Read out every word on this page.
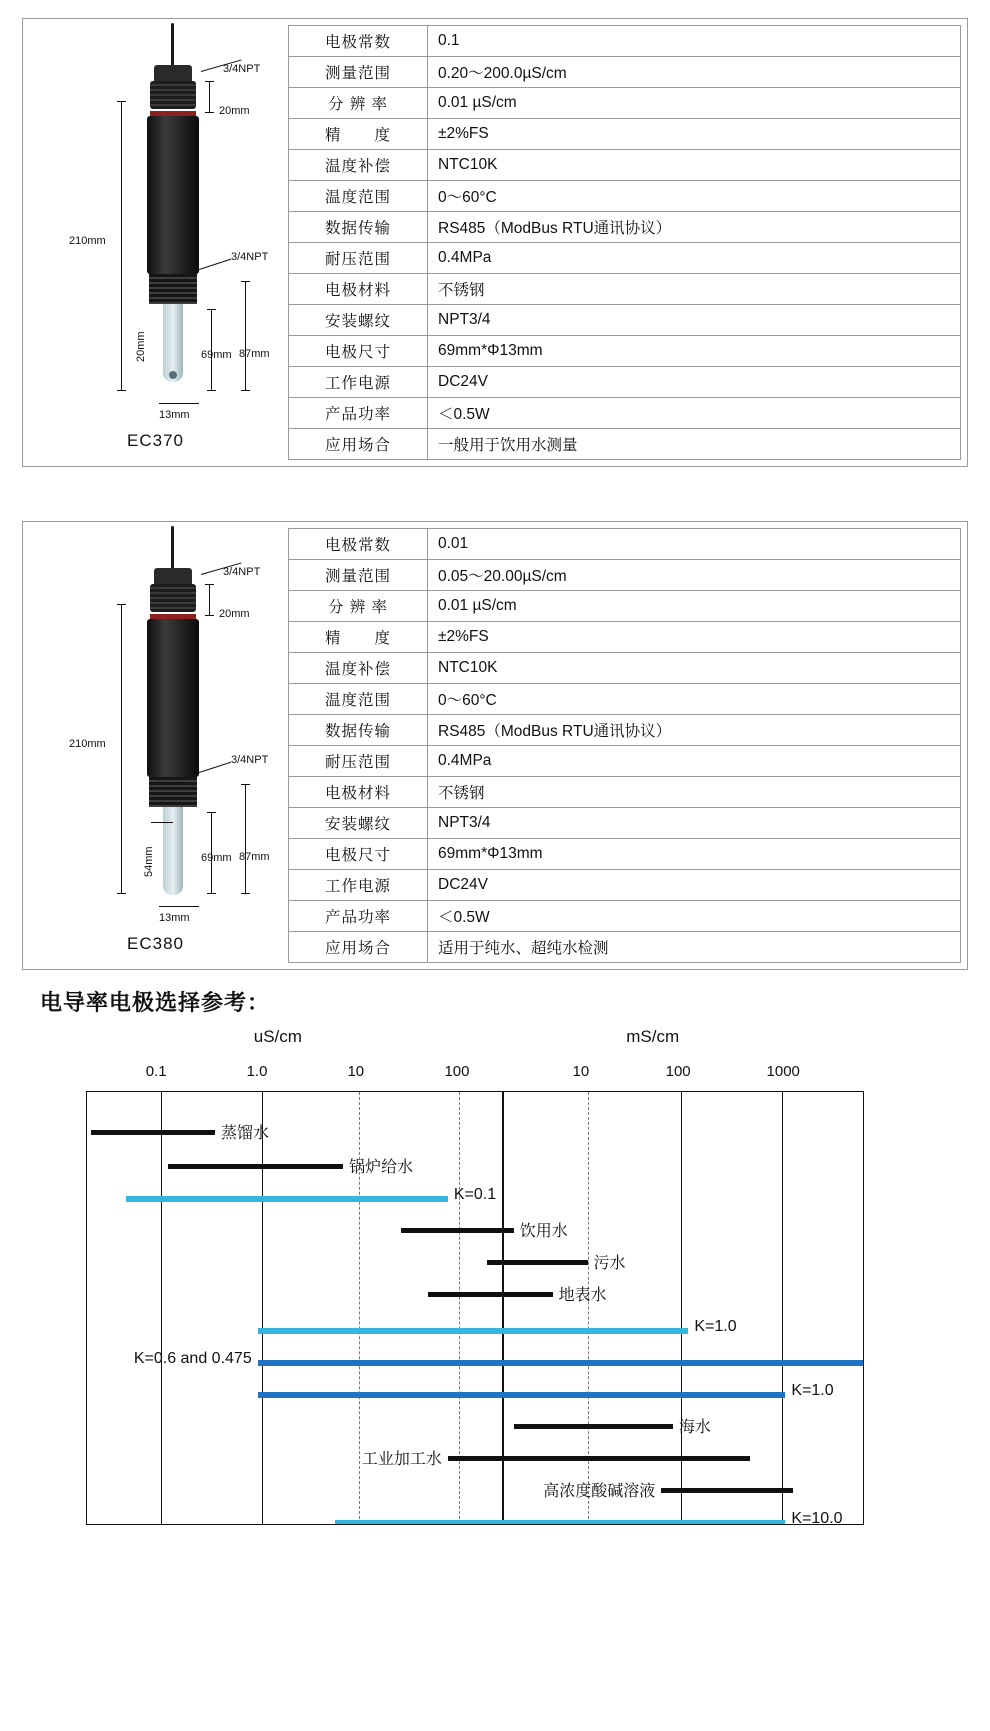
210mm
20mm
87mm
69mm
20mm
13mm
3/4NPT
3/4NPT
EC370
电极常数	0.1
测量范围	0.20～200.0µS/cm
分 辨 率	0.01 µS/cm
精　　度	±2%FS
温度补偿	NTC10K
温度范围	0～60°C
数据传输	RS485（ModBus RTU通讯协议）
耐压范围	0.4MPa
电极材料	不锈钢
安装螺纹	NPT3/4
电极尺寸	69mm*Φ13mm
工作电源	DC24V
产品功率	＜0.5W
应用场合	一般用于饮用水测量
210mm
20mm
87mm
69mm
54mm
13mm
3/4NPT
3/4NPT
EC380
电极常数	0.01
测量范围	0.05～20.00µS/cm
分 辨 率	0.01 µS/cm
精　　度	±2%FS
温度补偿	NTC10K
温度范围	0～60°C
数据传输	RS485（ModBus RTU通讯协议）
耐压范围	0.4MPa
电极材料	不锈钢
安装螺纹	NPT3/4
电极尺寸	69mm*Φ13mm
工作电源	DC24V
产品功率	＜0.5W
应用场合	适用于纯水、超纯水检测
电导率电极选择参考：
uS/cm	mS/cm
0.1	1.0	10	100	10	100	1000
蒸馏水
锅炉给水
K=0.1
饮用水
污水
地表水
K=1.0
K=0.6 and 0.475
K=1.0
海水
工业加工水
高浓度酸碱溶液
K=10.0
